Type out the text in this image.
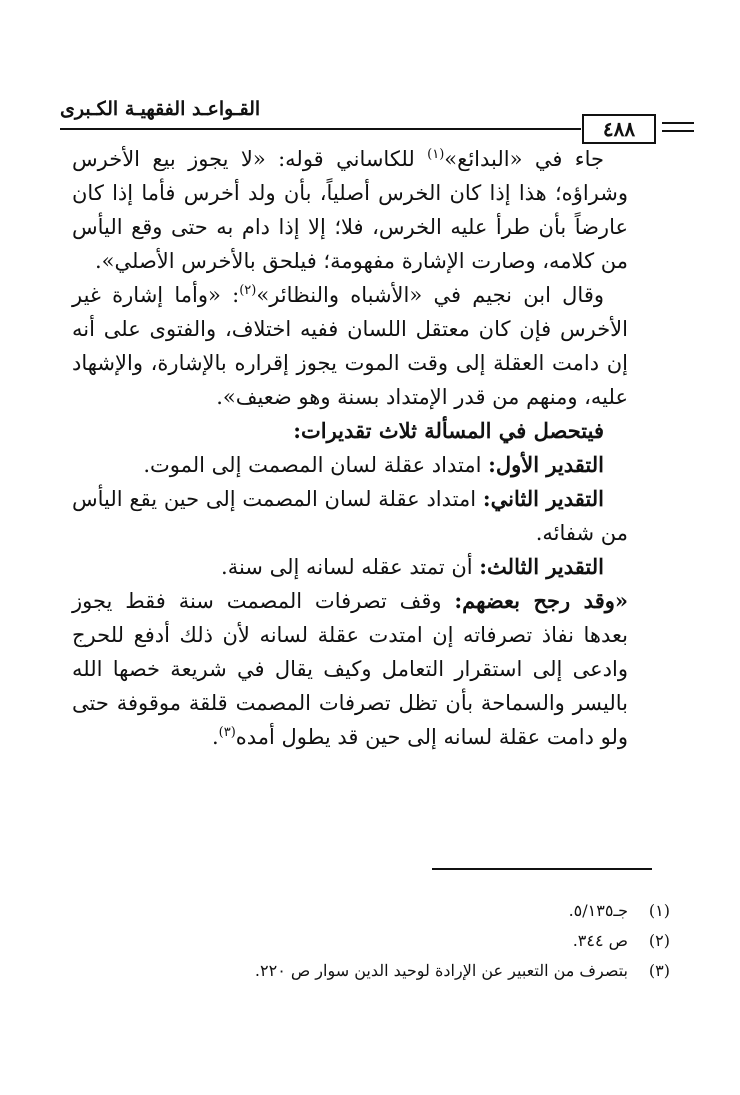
القـواعـد الفقهيـة الكـبرى
٤٨٨

جاء في «البدائع»$^{(١)}$ للكاساني قوله: «لا يجوز بيع الأخرس وشراؤه؛ هذا إذا كان الخرس أصلياً، بأن ولد أخرس فأما إذا كان عارضاً بأن طرأ عليه الخرس، فلا؛ إلا إذا دام به حتى وقع اليأس من كلامه، وصارت الإشارة مفهومة؛ فيلحق بالأخرس الأصلي».

وقال ابن نجيم في «الأشباه والنظائر»$^{(٢)}$: «وأما إشارة غير الأخرس فإن كان معتقل اللسان ففيه اختلاف، والفتوى على أنه إن دامت العقلة إلى وقت الموت يجوز إقراره بالإشارة، والإشهاد عليه، ومنهم من قدر الإمتداد بسنة وهو ضعيف».

فيتحصل في المسألة ثلاث تقديرات:

التقدير الأول: امتداد عقلة لسان المصمت إلى الموت.

التقدير الثاني: امتداد عقلة لسان المصمت إلى حين يقع اليأس من شفائه.

التقدير الثالث: أن تمتد عقله لسانه إلى سنة.

«وقد رجح بعضهم: وقف تصرفات المصمت سنة فقط يجوز بعدها نفاذ تصرفاته إن امتدت عقلة لسانه لأن ذلك أدفع للحرج وادعى إلى استقرار التعامل وكيف يقال في شريعة خصها الله باليسر والسماحة بأن تظل تصرفات المصمت قلقة موقوفة حتى ولو دامت عقلة لسانه إلى حين قد يطول أمده$^{(٣)}$.

(١)
جـ٥/١٣٥.
(٢)
ص ٣٤٤.
(٣)
بتصرف من التعبير عن الإرادة لوحيد الدين سوار ص ٢٢٠.
